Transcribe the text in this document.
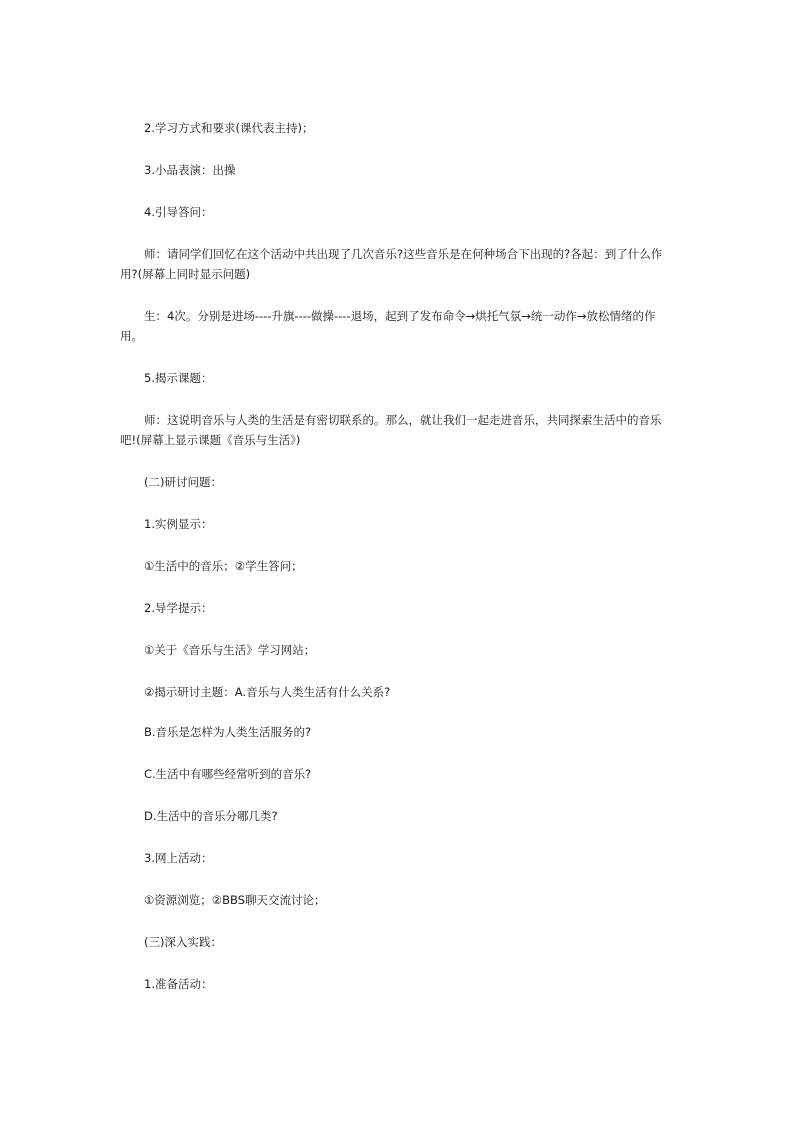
2.学习方式和要求(课代表主持)；

3.小品表演：出操

4.引导答问：

师：请同学们回忆在这个活动中共出现了几次音乐?这些音乐是在何种场合下出现的?各起：到了什么作用?(屏幕上同时显示问题)

生：4次。分别是进场----升旗----做操----退场，起到了发布命令→烘托气氛→统一动作→放松情绪的作用。

5.揭示课题：

师：这说明音乐与人类的生活是有密切联系的。那么，就让我们一起走进音乐，共同探索生活中的音乐吧!(屏幕上显示课题《音乐与生活》)

(二)研讨问题：

1.实例显示：

①生活中的音乐；②学生答问；

2.导学提示：

①关于《音乐与生活》学习网站；

②揭示研讨主题：A.音乐与人类生活有什么关系?

B.音乐是怎样为人类生活服务的?

C.生活中有哪些经常听到的音乐?

D.生活中的音乐分哪几类?

3.网上活动：

①资源浏览；②BBS聊天交流讨论；

(三)深入实践：

1.准备活动：
